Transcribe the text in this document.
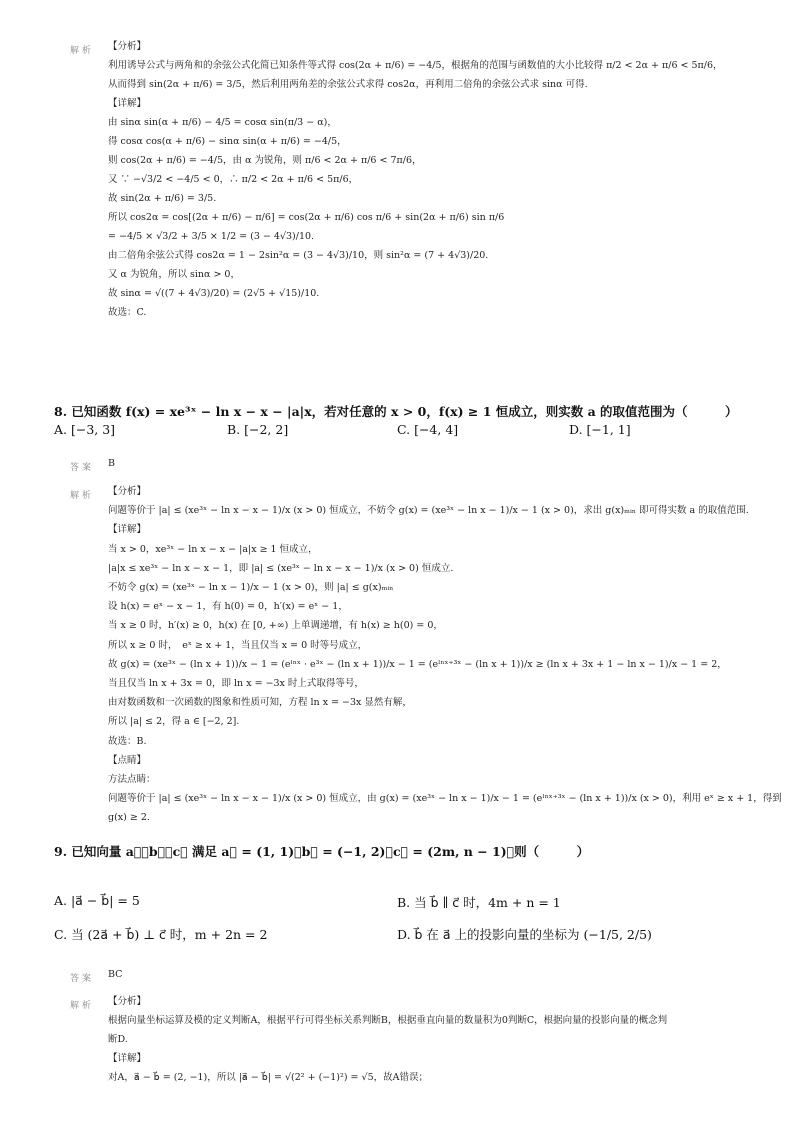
解析 【分析】
利用诱导公式与两角和的余弦公式化简已知条件等式得 cos(2α + π/6) = −4/5，根据角的范围与函数值的大小比较得 π/2 < 2α + π/6 < 5π/6，
从而得到 sin(2α + π/6) = 3/5，然后利用两角差的余弦公式求得 cos2α，再利用二倍角的余弦公式求 sinα 可得.
【详解】
由 sinα sin(α + π/6) − 4/5 = cosα sin(π/3 − α)，
得 cosα cos(α + π/6) − sinα sin(α + π/6) = −4/5，
则 cos(2α + π/6) = −4/5，由 α 为锐角，则 π/6 < 2α + π/6 < 7π/6，
又 ∵ −√3/2 < −4/5 < 0，∴ π/2 < 2α + π/6 < 5π/6，
故 sin(2α + π/6) = 3/5.
所以 cos2α = cos[(2α + π/6) − π/6] = cos(2α + π/6) cos π/6 + sin(2α + π/6) sin π/6
= −4/5 × √3/2 + 3/5 × 1/2 = (3 − 4√3)/10.
由二倍角余弦公式得 cos2α = 1 − 2sin²α = (3 − 4√3)/10，则 sin²α = (7 + 4√3)/20.
又 α 为锐角，所以 sinα > 0，
故 sinα = √((7 + 4√3)/20) = (2√5 + √15)/10.
故选：C.
8. 已知函数 f(x) = xe³ˣ − ln x − x − |a|x，若对任意的 x > 0，f(x) ≥ 1 恒成立，则实数 a 的取值范围为（　　　）
A. [−3, 3]	B. [−2, 2]	C. [−4, 4]	D. [−1, 1]
答案 B
解析 【分析】
问题等价于 |a| ≤ (xe³ˣ − ln x − x − 1)/x (x > 0) 恒成立，不妨令 g(x) = (xe³ˣ − ln x − 1)/x − 1 (x > 0)，求出 g(x)ₘᵢₙ 即可得实数 a 的取值范围.
【详解】
当 x > 0，xe³ˣ − ln x − x − |a|x ≥ 1 恒成立，
|a|x ≤ xe³ˣ − ln x − x − 1，即 |a| ≤ (xe³ˣ − ln x − x − 1)/x (x > 0) 恒成立.
不妨令 g(x) = (xe³ˣ − ln x − 1)/x − 1 (x > 0)，则 |a| ≤ g(x)ₘᵢₙ
设 h(x) = eˣ − x − 1，有 h(0) = 0，h′(x) = eˣ − 1，
当 x ≥ 0 时，h′(x) ≥ 0，h(x) 在 [0, +∞) 上单调递增，有 h(x) ≥ h(0) = 0，
所以 x ≥ 0 时，　eˣ ≥ x + 1，当且仅当 x = 0 时等号成立，
故 g(x) = (xe³ˣ − (ln x + 1))/x − 1 = (eˡⁿˣ · e³ˣ − (ln x + 1))/x − 1 = (eˡⁿˣ⁺³ˣ − (ln x + 1))/x ≥ (ln x + 3x + 1 − ln x − 1)/x − 1 = 2，
当且仅当 ln x + 3x = 0，即 ln x = −3x 时上式取得等号，
由对数函数和一次函数的图象和性质可知，方程 ln x = −3x 显然有解，
所以 |a| ≤ 2，得 a ∈ [−2, 2].
故选：B.
【点睛】
方法点睛：
问题等价于 |a| ≤ (xe³ˣ − ln x − x − 1)/x (x > 0) 恒成立，由 g(x) = (xe³ˣ − ln x − 1)/x − 1 = (eˡⁿˣ⁺³ˣ − (ln x + 1))/x (x > 0)，利用 eˣ ≥ x + 1，得到
g(x) ≥ 2.
9. 已知向量 a⃗，b⃗，c⃗ 满足 a⃗ = (1, 1)，b⃗ = (−1, 2)，c⃗ = (2m, n − 1)，则（　　　）
A. |a⃗ − b⃗| = 5	B. 当 b⃗ ∥ c⃗ 时，4m + n = 1
C. 当 (2a⃗ + b⃗) ⊥ c⃗ 时，m + 2n = 2	D. b⃗ 在 a⃗ 上的投影向量的坐标为 (−1/5, 2/5)
答案 BC
解析 【分析】
根据向量坐标运算及模的定义判断A，根据平行可得坐标关系判断B，根据垂直向量的数量积为0判断C，根据向量的投影向量的概念判
断D.
【详解】
对A，a⃗ − b⃗ = (2, −1)，所以 |a⃗ − b⃗| = √(2² + (−1)²) = √5，故A错误；
